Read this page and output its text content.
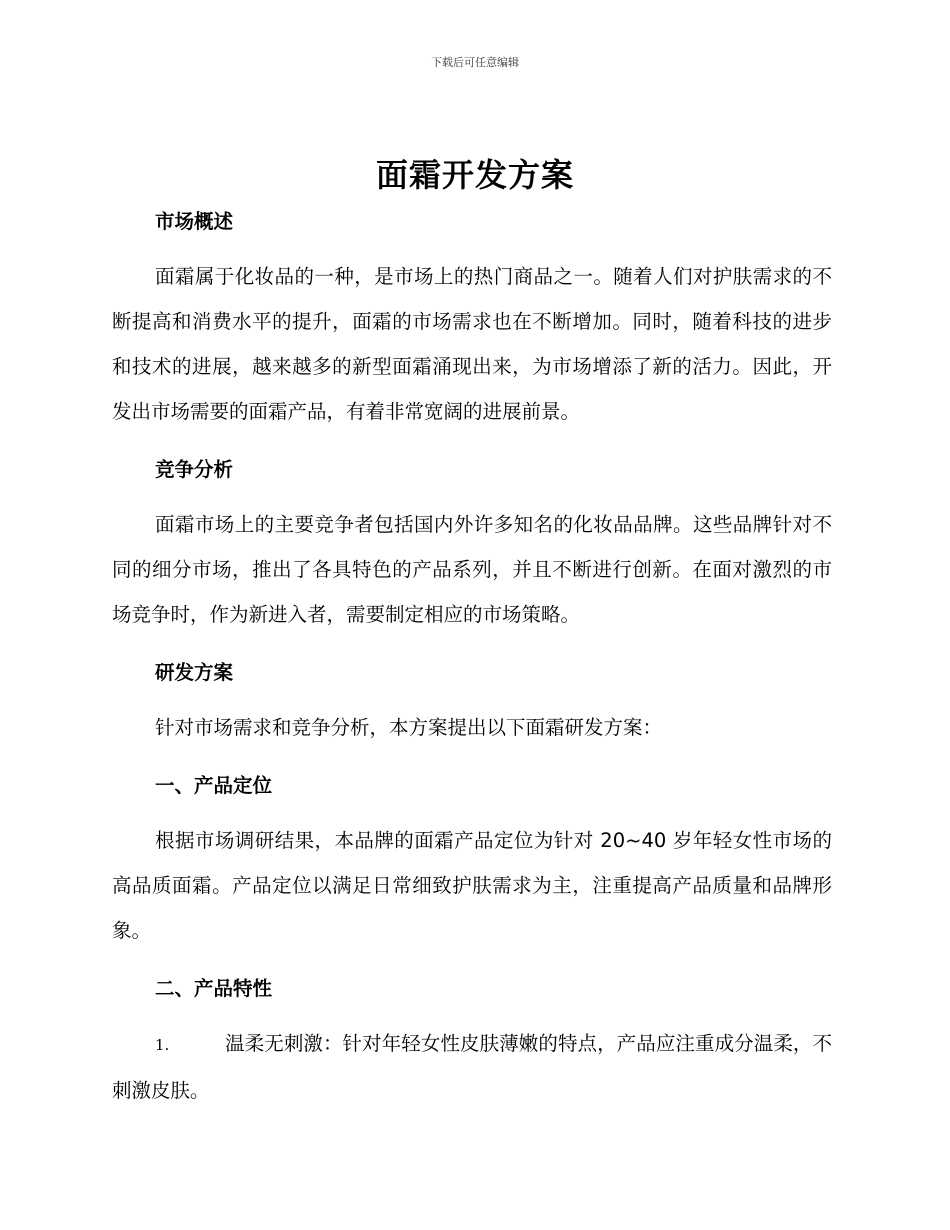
下载后可任意编辑
面霜开发方案
市场概述

面霜属于化妆品的一种，是市场上的热门商品之一。随着人们对护肤需求的不断提高和消费水平的提升，面霜的市场需求也在不断增加。同时，随着科技的进步和技术的进展，越来越多的新型面霜涌现出来，为市场增添了新的活力。因此，开发出市场需要的面霜产品，有着非常宽阔的进展前景。

竞争分析

面霜市场上的主要竞争者包括国内外许多知名的化妆品品牌。这些品牌针对不同的细分市场，推出了各具特色的产品系列，并且不断进行创新。在面对激烈的市场竞争时，作为新进入者，需要制定相应的市场策略。

研发方案

针对市场需求和竞争分析，本方案提出以下面霜研发方案：

一、产品定位

根据市场调研结果，本品牌的面霜产品定位为针对 20~40 岁年轻女性市场的高品质面霜。产品定位以满足日常细致护肤需求为主，注重提高产品质量和品牌形象。

二、产品特性

1.	温柔无刺激：针对年轻女性皮肤薄嫩的特点，产品应注重成分温柔，不刺激皮肤。
